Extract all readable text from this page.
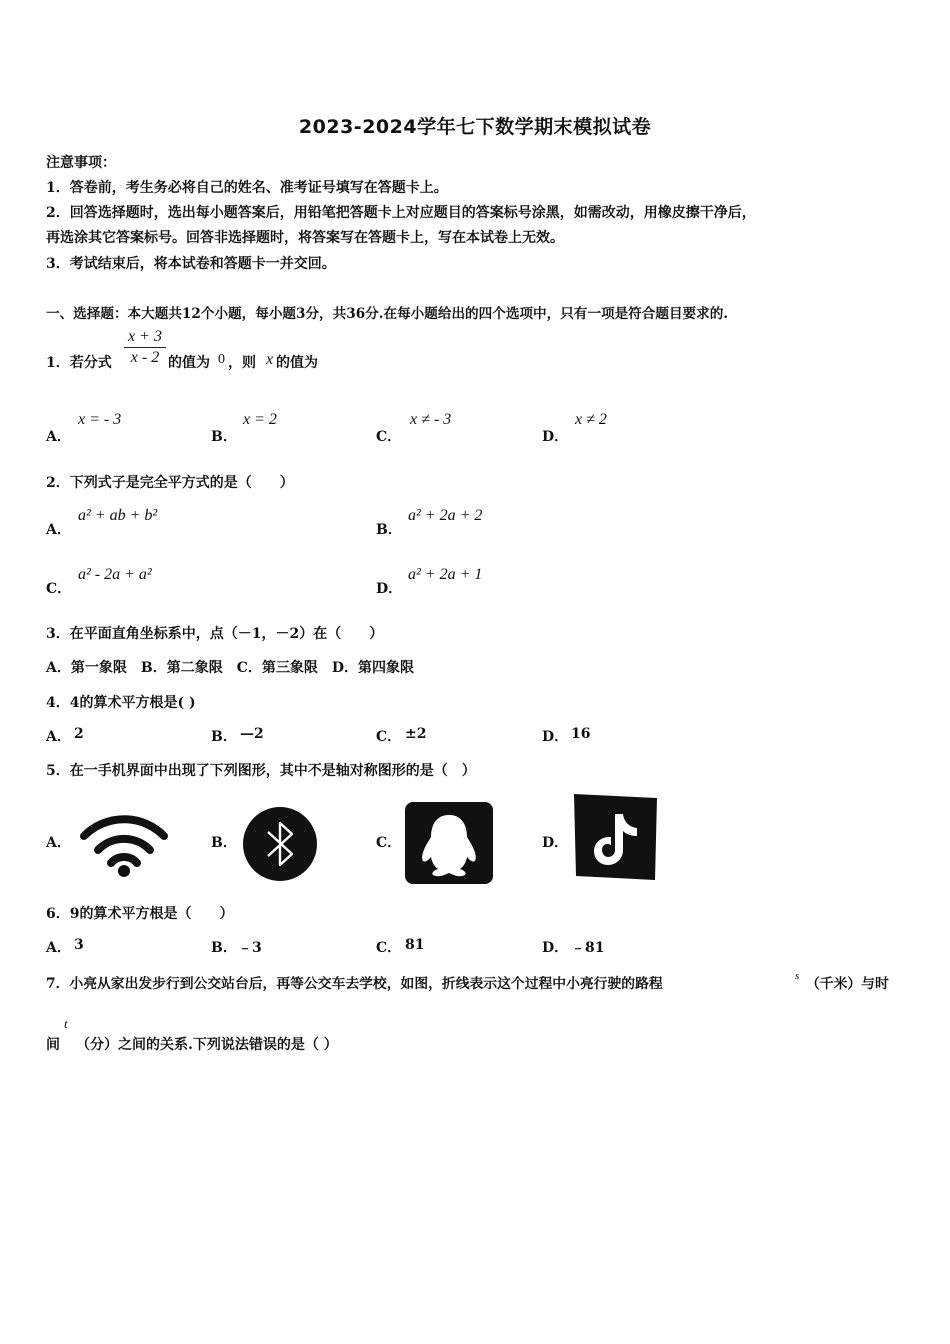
2023-2024学年七下数学期末模拟试卷
注意事项：
1．答卷前，考生务必将自己的姓名、准考证号填写在答题卡上。
2．回答选择题时，选出每小题答案后，用铅笔把答题卡上对应题目的答案标号涂黑，如需改动，用橡皮擦干净后，
再选涂其它答案标号。回答非选择题时，将答案写在答题卡上，写在本试卷上无效。
3．考试结束后，将本试卷和答题卡一并交回。
一、选择题：本大题共12个小题，每小题3分，共36分.在每小题给出的四个选项中，只有一项是符合题目要求的.
1．若分式
x + 3
x - 2 的值为 0 ，则 x 的值为
A．
x = - 3
B．
x = 2
C．
x ≠ - 3
D．
x ≠ 2
2．下列式子是完全平方式的是（　　）
A．
a² + ab + b²
B．
a² + 2a + 2
C．
a² - 2a + a²
D．
a² + 2a + 1
3．在平面直角坐标系中，点（－1，－2）在（　　）
A．第一象限　B．第二象限　C．第三象限　D．第四象限
4．4的算术平方根是( )
A． 2	B． —2	C． ±2	D． 16
5．在一手机界面中出现了下列图形，其中不是轴对称图形的是（　）
A．	B．	C．	D．
6．9的算术平方根是（　　）
A． 3	B． ﹣3	C． 81	D． ﹣81
7．小亮从家出发步行到公交站台后，再等公交车去学校，如图，折线表示这个过程中小亮行驶的路程	s （千米）与时
间
t
（分）之间的关系.下列说法错误的是（ ）
